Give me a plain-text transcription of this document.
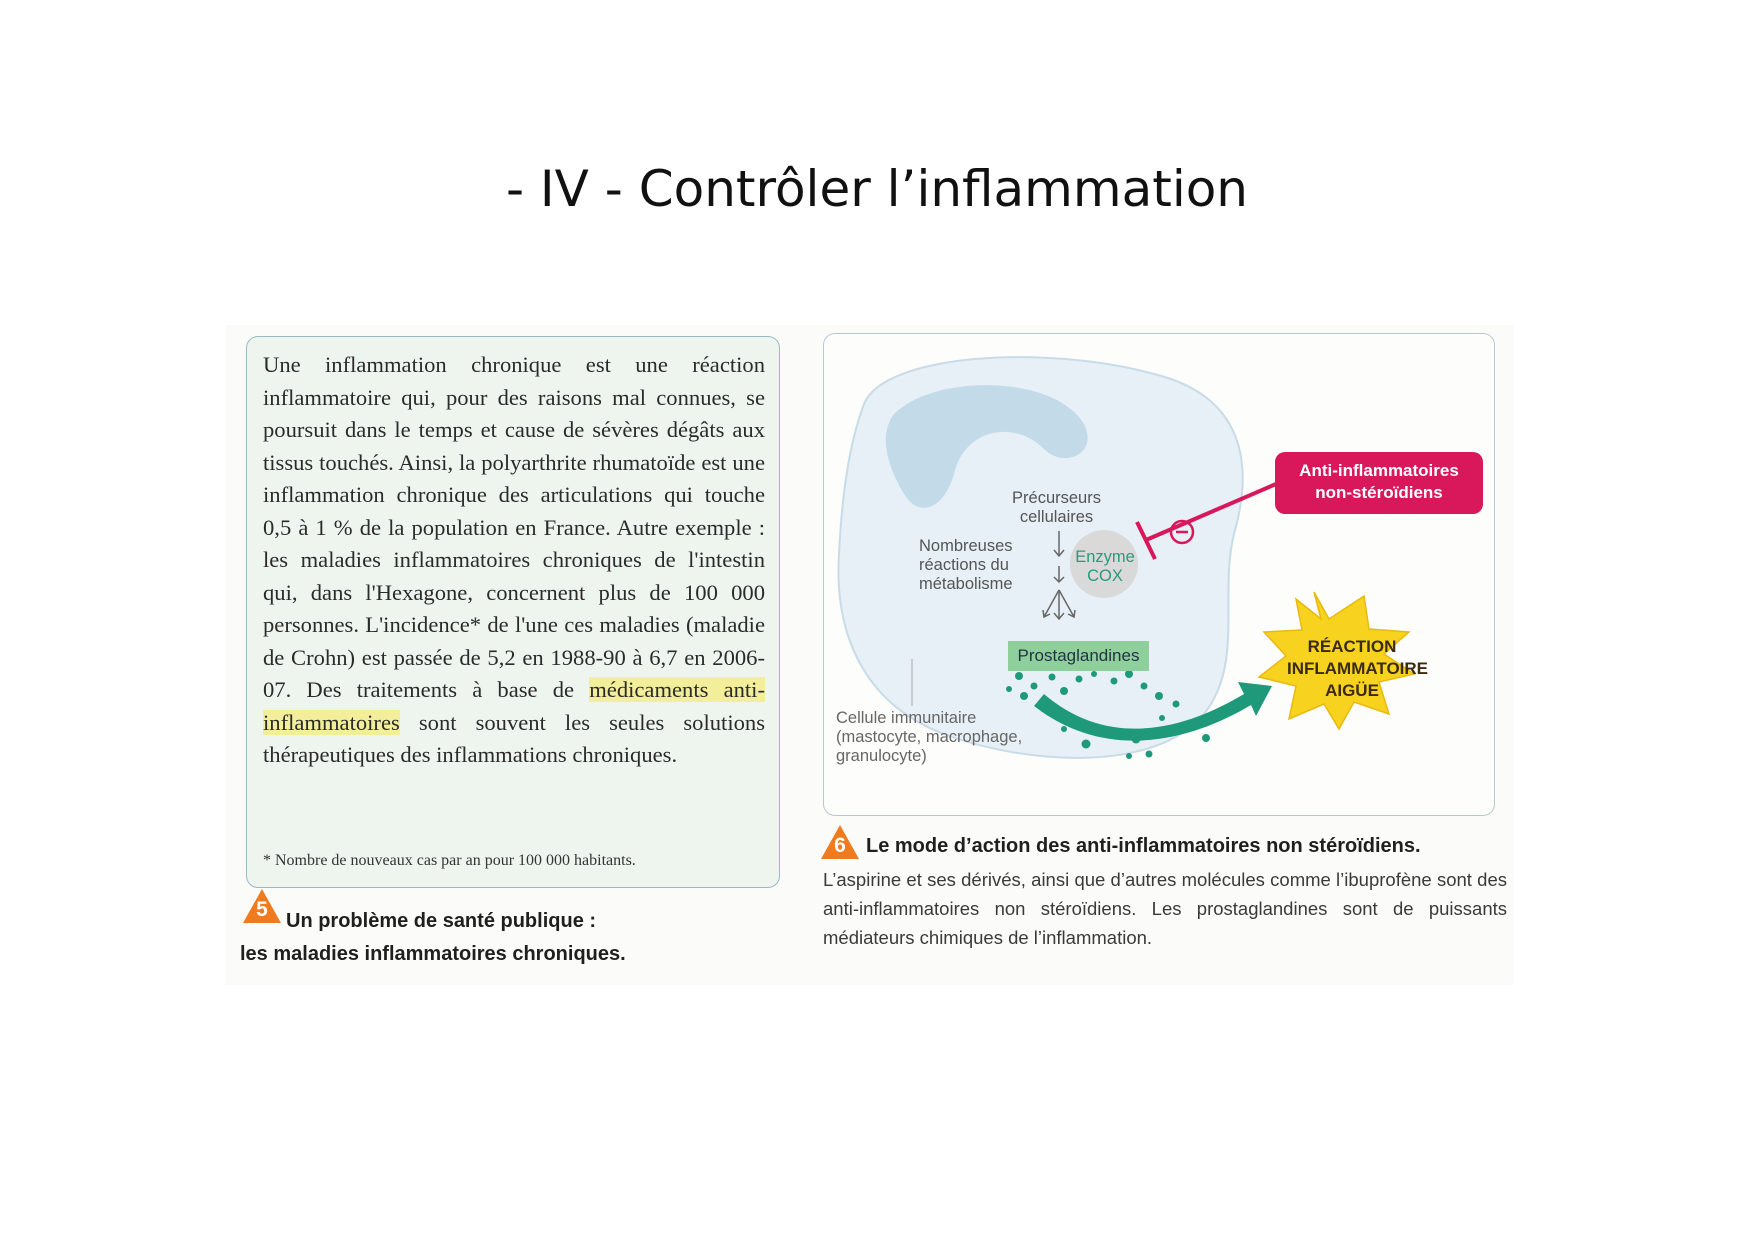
- IV - Contrôler l’inflammation

Une inflammation chronique est une réaction inflammatoire qui, pour des raisons mal connues, se poursuit dans le temps et cause de sévères dégâts aux tissus touchés. Ainsi, la polyarthrite rhumatoïde est une inflammation chronique des articulations qui touche 0,5 à 1 % de la population en France. Autre exemple : les maladies inflammatoires chroniques de l'intestin qui, dans l'Hexagone, concernent plus de 100 000 personnes. L'incidence* de l'une ces maladies (maladie de Crohn) est passée de 5,2 en 1988-90 à 6,7 en 2006-07. Des traitements à base de médicaments anti-inflammatoires sont souvent les seules solutions thérapeutiques des inflammations chroniques.

* Nombre de nouveaux cas par an pour 100 000 habitants.
5 Un problème de santé publique :
les maladies inflammatoires chroniques.
Précurseurs
cellulaires
Nombreuses
réactions du
métabolisme
Enzyme
COX
Anti-inflammatoires
non-stéroïdiens
Prostaglandines	RÉACTION
INFLAMMATOIRE
AIGÜE
Cellule immunitaire
(mastocyte, macrophage,
granulocyte)
6	Le mode d’action des anti-inflammatoires non stéroïdiens.

L’aspirine et ses dérivés, ainsi que d’autres molécules comme l’ibuprofène sont des anti-inflammatoires non stéroïdiens. Les prostaglandines sont de puissants médiateurs chimiques de l’inflammation.
